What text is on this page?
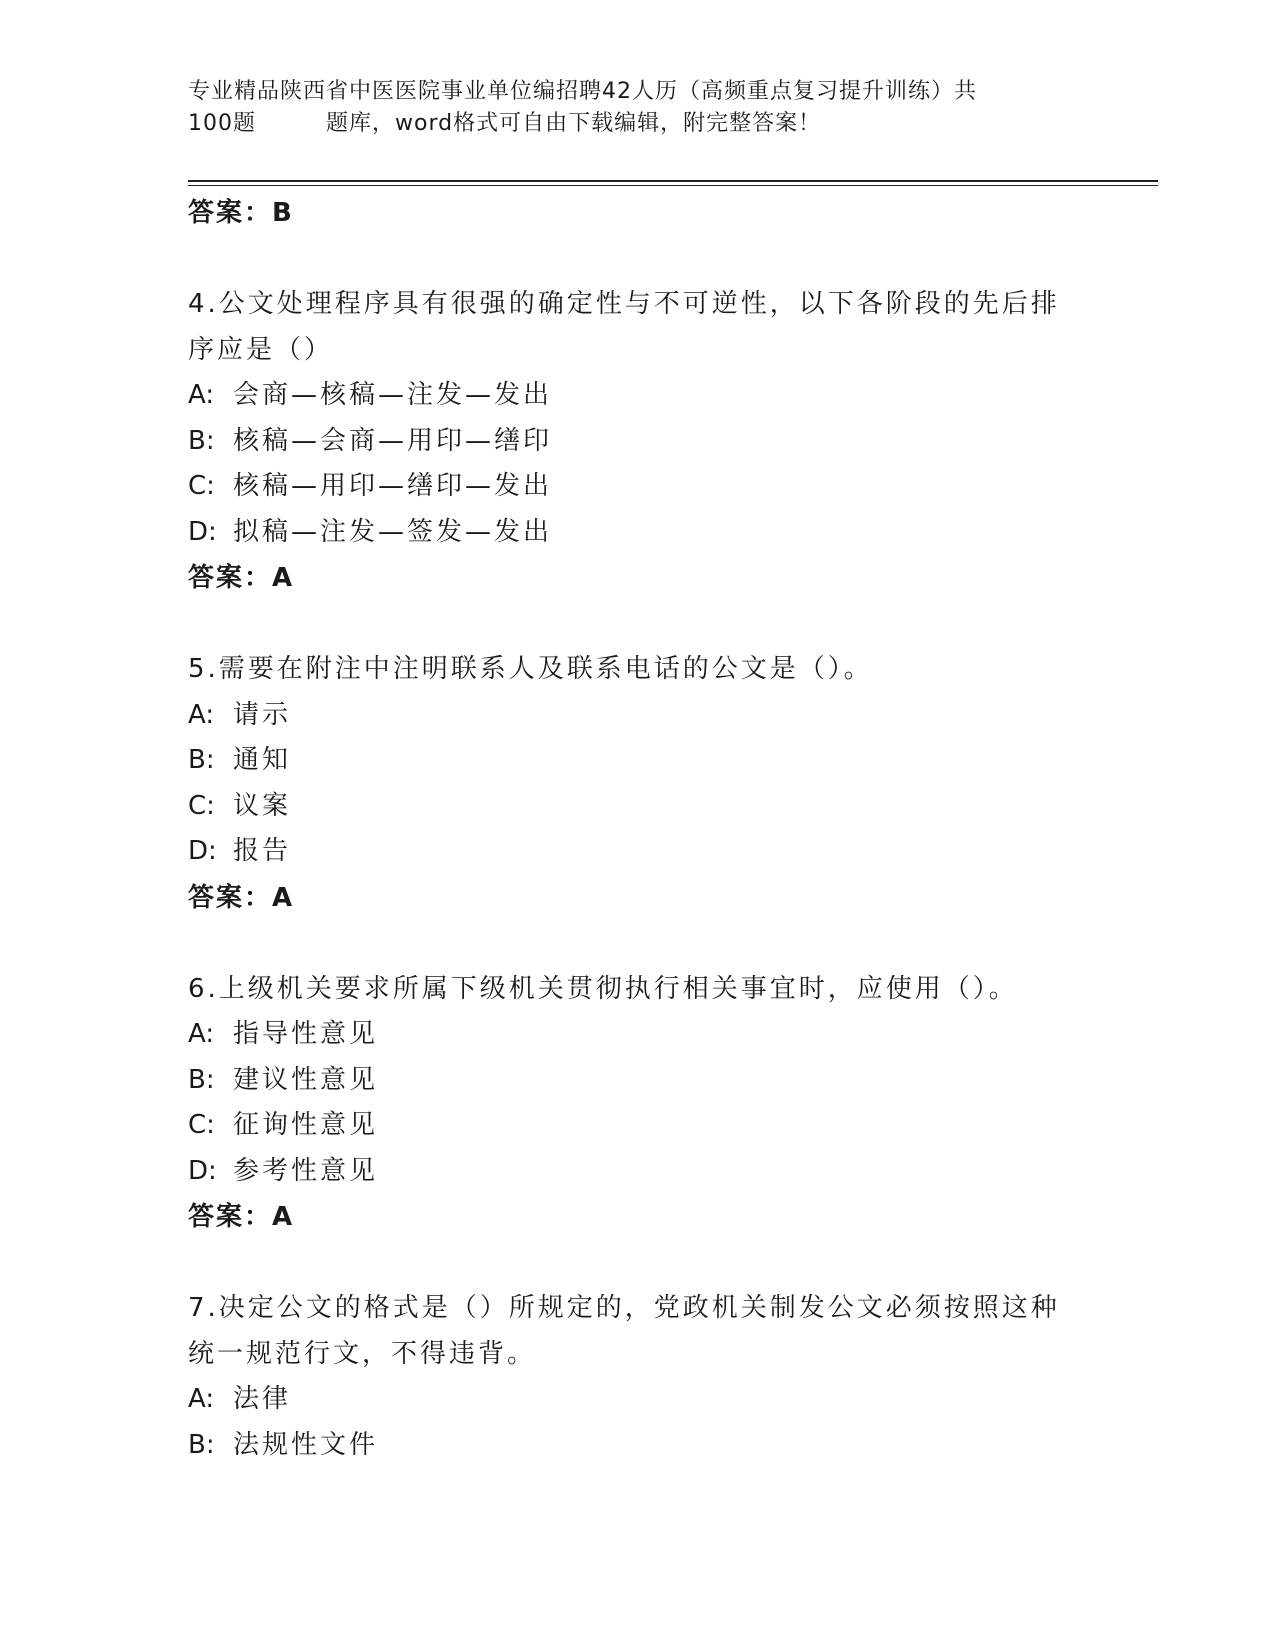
专业精品陕西省中医医院事业单位编招聘42人历（高频重点复习提升训练）共
100题	题库，word格式可自由下载编辑，附完整答案！
答案：B
4.公文处理程序具有很强的确定性与不可逆性，以下各阶段的先后排序应是（）
A: 会商—核稿—注发—发出
B: 核稿—会商—用印—缮印
C: 核稿—用印—缮印—发出
D: 拟稿—注发—签发—发出
答案：A
5.需要在附注中注明联系人及联系电话的公文是（）。
A: 请示
B: 通知
C: 议案
D: 报告
答案：A
6.上级机关要求所属下级机关贯彻执行相关事宜时，应使用（）。
A: 指导性意见
B: 建议性意见
C: 征询性意见
D: 参考性意见
答案：A
7.决定公文的格式是（）所规定的，党政机关制发公文必须按照这种统一规范行文，不得违背。
A: 法律
B: 法规性文件
